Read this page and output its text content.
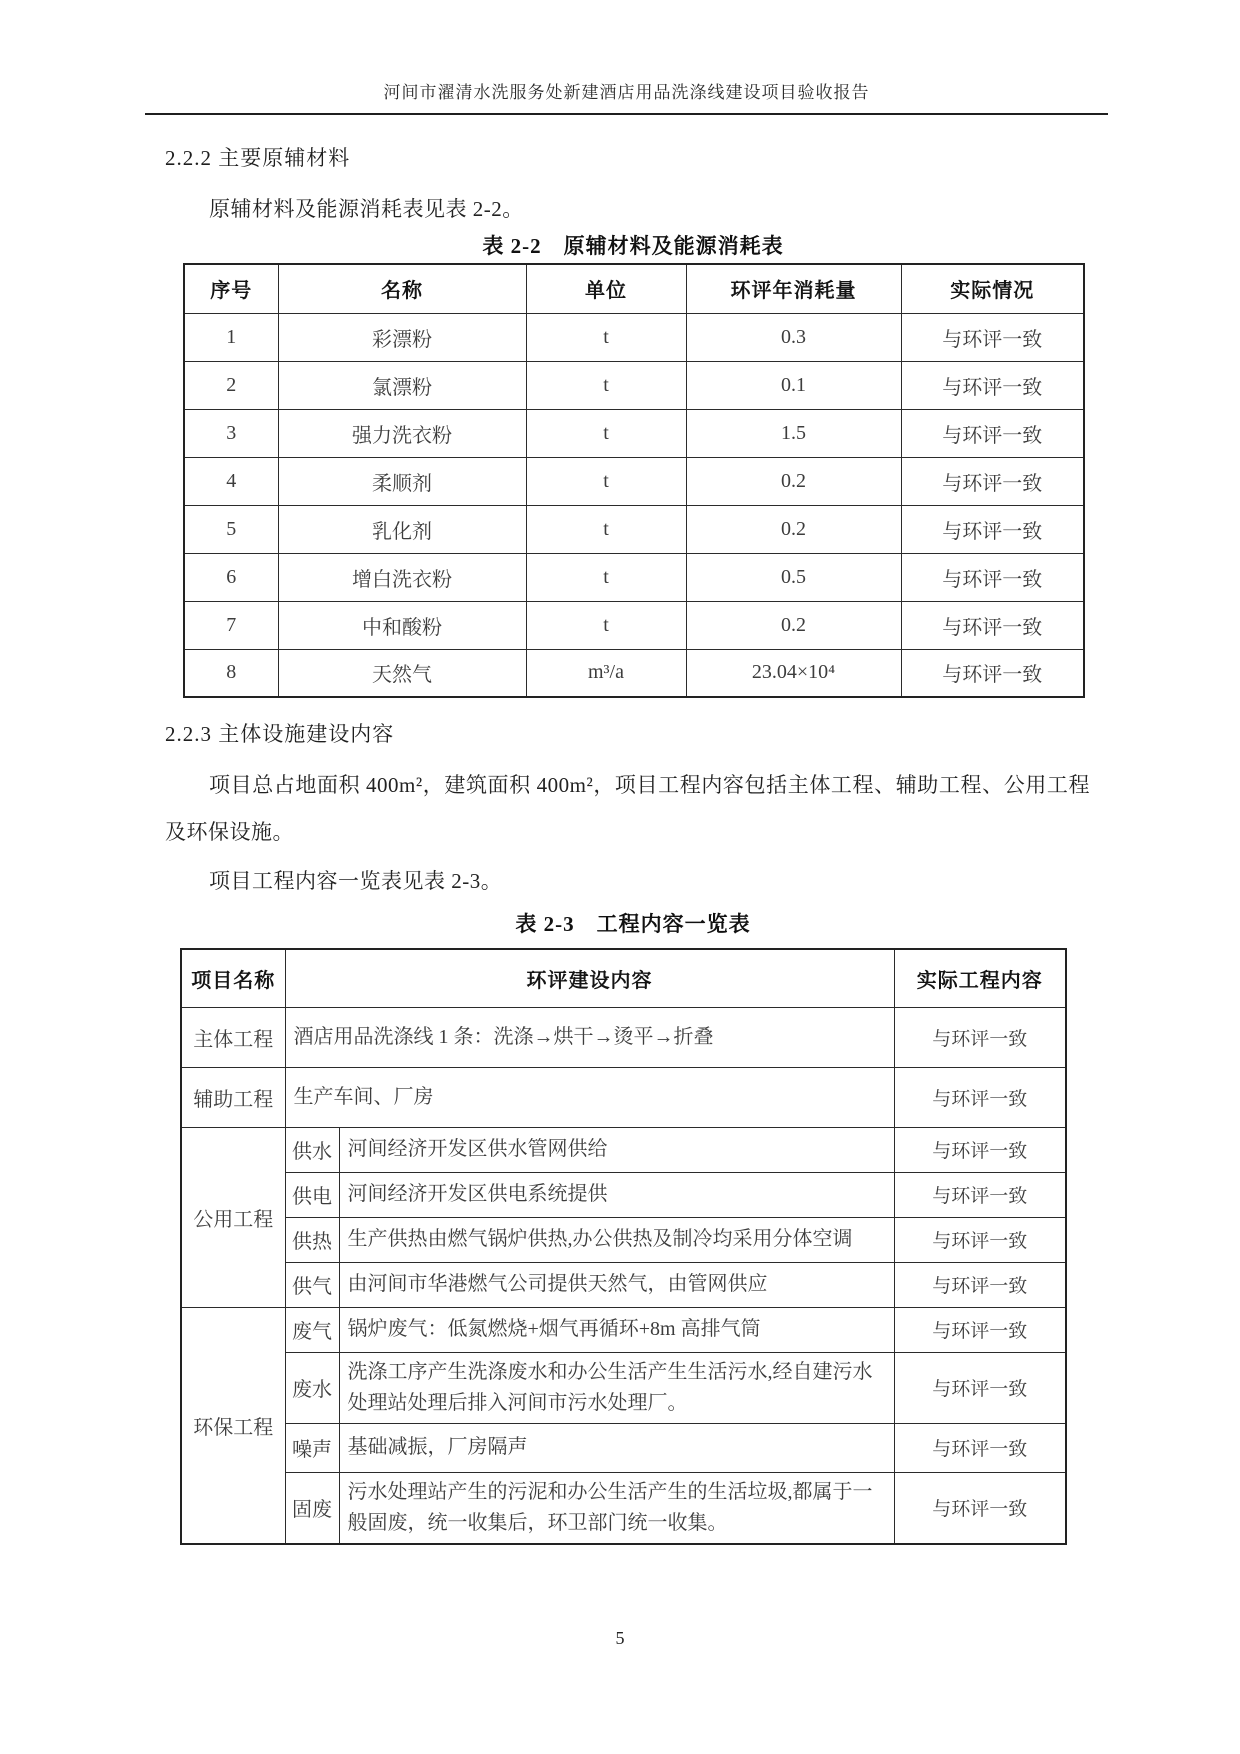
河间市濯清水洗服务处新建酒店用品洗涤线建设项目验收报告
2.2.2 主要原辅材料
原辅材料及能源消耗表见表 2-2。
表 2-2　原辅材料及能源消耗表
序号	名称	单位	环评年消耗量	实际情况
1	彩漂粉	t	0.3	与环评一致
2	氯漂粉	t	0.1	与环评一致
3	强力洗衣粉	t	1.5	与环评一致
4	柔顺剂	t	0.2	与环评一致
5	乳化剂	t	0.2	与环评一致
6	增白洗衣粉	t	0.5	与环评一致
7	中和酸粉	t	0.2	与环评一致
8	天然气	m³/a	23.04×10⁴	与环评一致
2.2.3 主体设施建设内容
项目总占地面积 400m²，建筑面积 400m²，项目工程内容包括主体工程、辅助工程、公用工程及环保设施。
项目工程内容一览表见表 2-3。
表 2-3　工程内容一览表
项目名称	环评建设内容		实际工程内容
主体工程	酒店用品洗涤线 1 条：洗涤→烘干→烫平→折叠		与环评一致
辅助工程	生产车间、厂房		与环评一致
公用工程	供水	河间经济开发区供水管网供给	与环评一致
	供电	河间经济开发区供电系统提供	与环评一致
	供热	生产供热由燃气锅炉供热,办公供热及制冷均采用分体空调	与环评一致
	供气	由河间市华港燃气公司提供天然气，由管网供应	与环评一致
环保工程	废气	锅炉废气：低氮燃烧+烟气再循环+8m 高排气筒	与环评一致
	废水	洗涤工序产生洗涤废水和办公生活产生生活污水,经自建污水处理站处理后排入河间市污水处理厂。	与环评一致
	噪声	基础减振，厂房隔声	与环评一致
	固废	污水处理站产生的污泥和办公生活产生的生活垃圾,都属于一般固废，统一收集后，环卫部门统一收集。	与环评一致
5
